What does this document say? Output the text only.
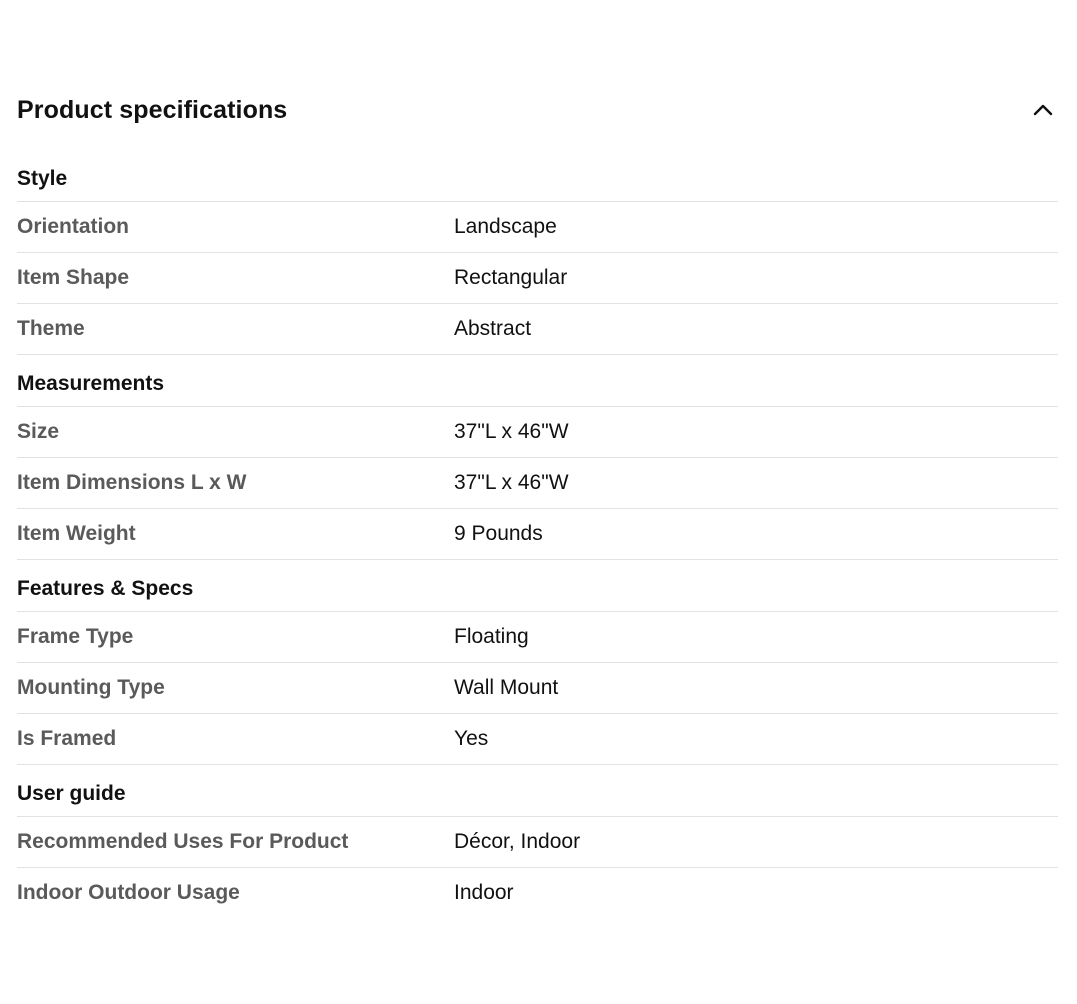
Product specifications
Style
Orientation	Landscape
Item Shape	Rectangular
Theme	Abstract
Measurements
Size	37"L x 46"W
Item Dimensions L x W	37"L x 46"W
Item Weight	9 Pounds
Features & Specs
Frame Type	Floating
Mounting Type	Wall Mount
Is Framed	Yes
User guide
Recommended Uses For Product	Décor, Indoor
Indoor Outdoor Usage	Indoor
